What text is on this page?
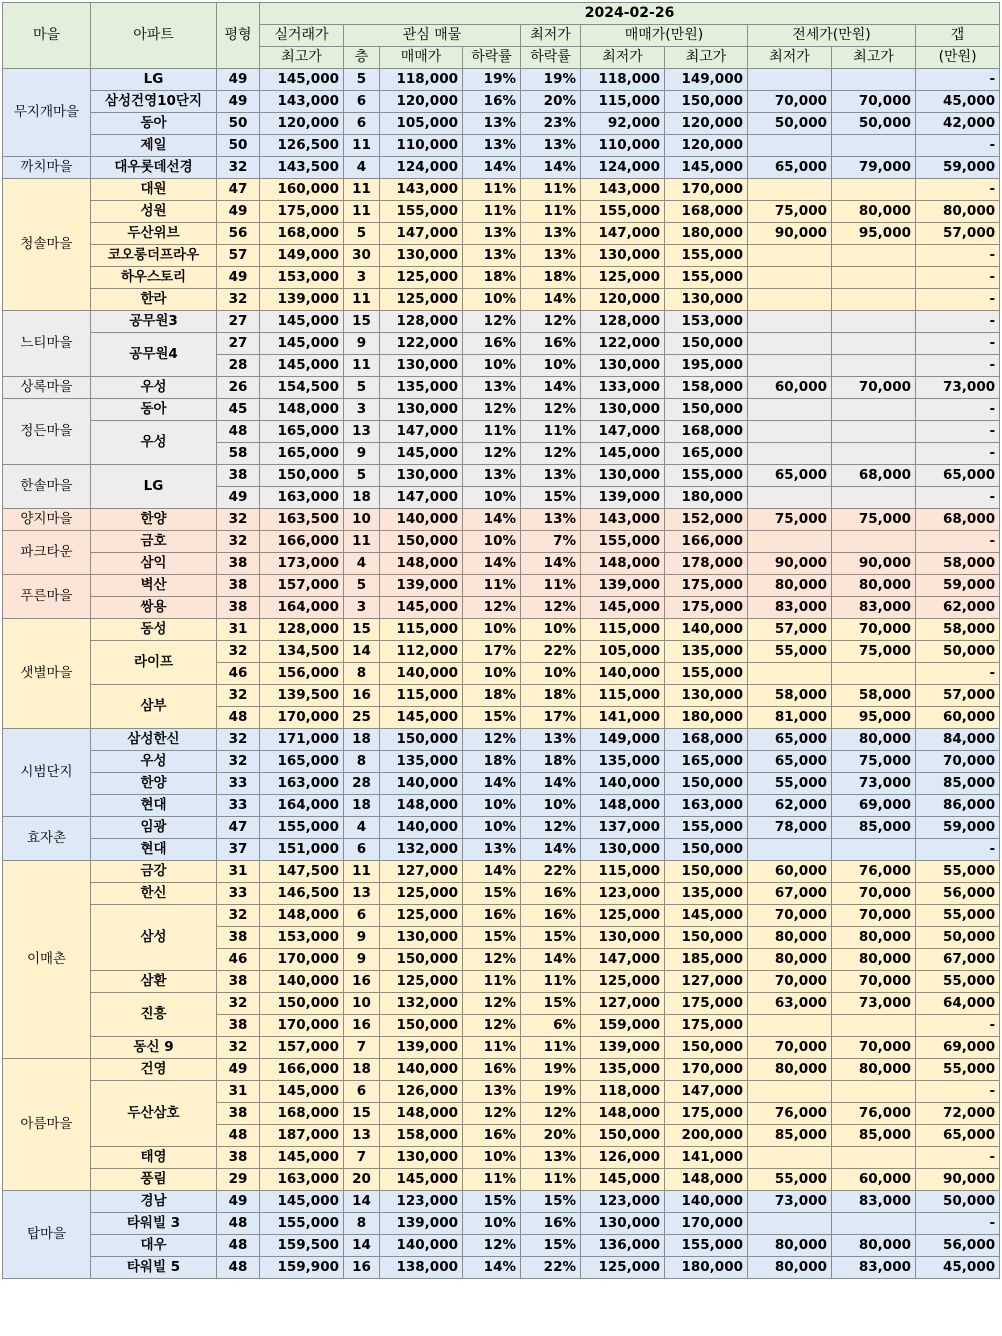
마을	아파트	평형	2024-02-26									
			실거래가	관심 매물			최저가	매매가(만원)		전세가(만원)		갭
			최고가	층	매매가	하락률	하락률	최저가	최고가	최저가	최고가	(만원)
무지개마을	LG	49	145,000	5	118,000	19%	19%	118,000	149,000			-
	삼성건영10단지	49	143,000	6	120,000	16%	20%	115,000	150,000	70,000	70,000	45,000
	동아	50	120,000	6	105,000	13%	23%	92,000	120,000	50,000	50,000	42,000
	제일	50	126,500	11	110,000	13%	13%	110,000	120,000			-
까치마을	대우롯데선경	32	143,500	4	124,000	14%	14%	124,000	145,000	65,000	79,000	59,000
청솔마을	대원	47	160,000	11	143,000	11%	11%	143,000	170,000			-
	성원	49	175,000	11	155,000	11%	11%	155,000	168,000	75,000	80,000	80,000
	두산위브	56	168,000	5	147,000	13%	13%	147,000	180,000	90,000	95,000	57,000
	코오롱더프라우	57	149,000	30	130,000	13%	13%	130,000	155,000			-
	하우스토리	49	153,000	3	125,000	18%	18%	125,000	155,000			-
	한라	32	139,000	11	125,000	10%	14%	120,000	130,000			-
느티마을	공무원3	27	145,000	15	128,000	12%	12%	128,000	153,000			-
	공무원4	27	145,000	9	122,000	16%	16%	122,000	150,000			-
		28	145,000	11	130,000	10%	10%	130,000	195,000			-
상록마을	우성	26	154,500	5	135,000	13%	14%	133,000	158,000	60,000	70,000	73,000
정든마을	동아	45	148,000	3	130,000	12%	12%	130,000	150,000			-
	우성	48	165,000	13	147,000	11%	11%	147,000	168,000			-
		58	165,000	9	145,000	12%	12%	145,000	165,000			-
한솔마을	LG	38	150,000	5	130,000	13%	13%	130,000	155,000	65,000	68,000	65,000
		49	163,000	18	147,000	10%	15%	139,000	180,000			-
양지마을	한양	32	163,500	10	140,000	14%	13%	143,000	152,000	75,000	75,000	68,000
파크타운	금호	32	166,000	11	150,000	10%	7%	155,000	166,000			-
	삼익	38	173,000	4	148,000	14%	14%	148,000	178,000	90,000	90,000	58,000
푸른마을	벽산	38	157,000	5	139,000	11%	11%	139,000	175,000	80,000	80,000	59,000
	쌍용	38	164,000	3	145,000	12%	12%	145,000	175,000	83,000	83,000	62,000
샛별마을	동성	31	128,000	15	115,000	10%	10%	115,000	140,000	57,000	70,000	58,000
	라이프	32	134,500	14	112,000	17%	22%	105,000	135,000	55,000	75,000	50,000
		46	156,000	8	140,000	10%	10%	140,000	155,000			-
	삼부	32	139,500	16	115,000	18%	18%	115,000	130,000	58,000	58,000	57,000
		48	170,000	25	145,000	15%	17%	141,000	180,000	81,000	95,000	60,000
시범단지	삼성한신	32	171,000	18	150,000	12%	13%	149,000	168,000	65,000	80,000	84,000
	우성	32	165,000	8	135,000	18%	18%	135,000	165,000	65,000	75,000	70,000
	한양	33	163,000	28	140,000	14%	14%	140,000	150,000	55,000	73,000	85,000
	현대	33	164,000	18	148,000	10%	10%	148,000	163,000	62,000	69,000	86,000
효자촌	임광	47	155,000	4	140,000	10%	12%	137,000	155,000	78,000	85,000	59,000
	현대	37	151,000	6	132,000	13%	14%	130,000	150,000			-
이매촌	금강	31	147,500	11	127,000	14%	22%	115,000	150,000	60,000	76,000	55,000
	한신	33	146,500	13	125,000	15%	16%	123,000	135,000	67,000	70,000	56,000
	삼성	32	148,000	6	125,000	16%	16%	125,000	145,000	70,000	70,000	55,000
		38	153,000	9	130,000	15%	15%	130,000	150,000	80,000	80,000	50,000
		46	170,000	9	150,000	12%	14%	147,000	185,000	80,000	80,000	67,000
	삼환	38	140,000	16	125,000	11%	11%	125,000	127,000	70,000	70,000	55,000
	진흥	32	150,000	10	132,000	12%	15%	127,000	175,000	63,000	73,000	64,000
		38	170,000	16	150,000	12%	6%	159,000	175,000			-
	동신 9	32	157,000	7	139,000	11%	11%	139,000	150,000	70,000	70,000	69,000
아름마을	건영	49	166,000	18	140,000	16%	19%	135,000	170,000	80,000	80,000	55,000
	두산삼호	31	145,000	6	126,000	13%	19%	118,000	147,000			-
		38	168,000	15	148,000	12%	12%	148,000	175,000	76,000	76,000	72,000
		48	187,000	13	158,000	16%	20%	150,000	200,000	85,000	85,000	65,000
	태영	38	145,000	7	130,000	10%	13%	126,000	141,000			-
	풍림	29	163,000	20	145,000	11%	11%	145,000	148,000	55,000	60,000	90,000
탑마을	경남	49	145,000	14	123,000	15%	15%	123,000	140,000	73,000	83,000	50,000
	타워빌 3	48	155,000	8	139,000	10%	16%	130,000	170,000			-
	대우	48	159,500	14	140,000	12%	15%	136,000	155,000	80,000	80,000	56,000
	타워빌 5	48	159,900	16	138,000	14%	22%	125,000	180,000	80,000	83,000	45,000
